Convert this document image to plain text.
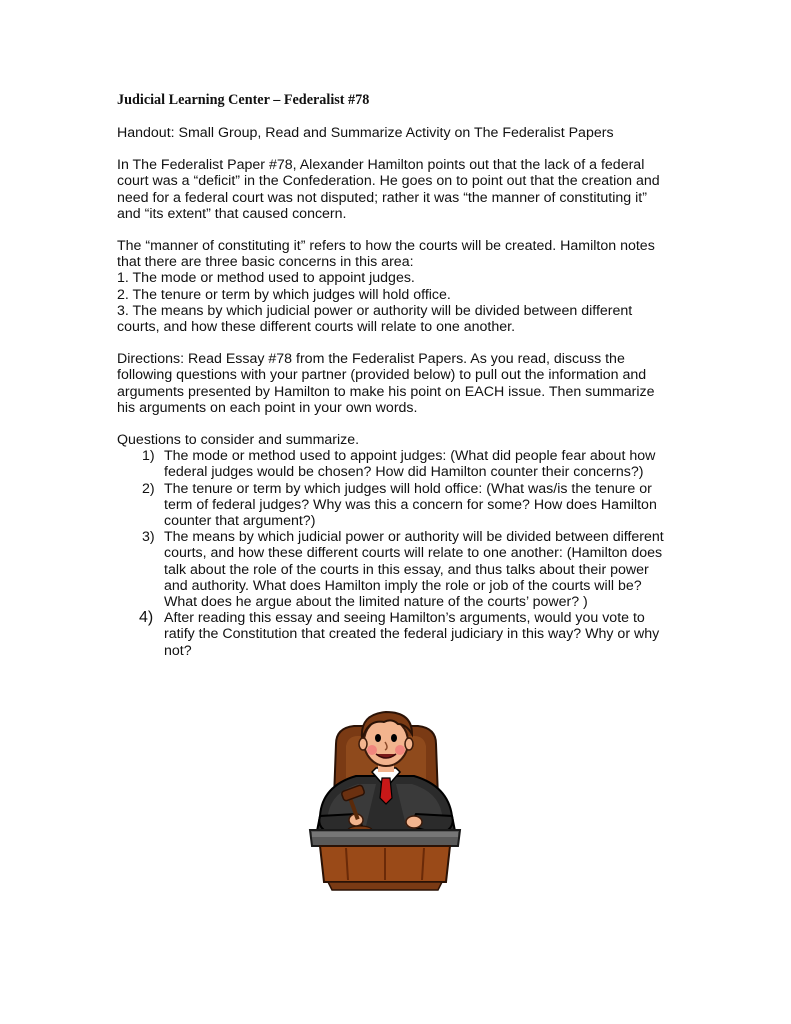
Judicial Learning Center – Federalist #78

Handout: Small Group, Read and Summarize Activity on The Federalist Papers

In The Federalist Paper #78, Alexander Hamilton points out that the lack of a federal
court was a “deficit” in the Confederation. He goes on to point out that the creation and
need for a federal court was not disputed; rather it was “the manner of constituting it”
and “its extent” that caused concern.

The “manner of constituting it” refers to how the courts will be created. Hamilton notes
that there are three basic concerns in this area:
1. The mode or method used to appoint judges.
2. The tenure or term by which judges will hold office.
3. The means by which judicial power or authority will be divided between different
courts, and how these different courts will relate to one another.

Directions: Read Essay #78 from the Federalist Papers. As you read, discuss the
following questions with your partner (provided below) to pull out the information and
arguments presented by Hamilton to make his point on EACH issue. Then summarize
his arguments on each point in your own words.

Questions to consider and summarize.
1) The mode or method used to appoint judges: (What did people fear about how
federal judges would be chosen? How did Hamilton counter their concerns?)
2) The tenure or term by which judges will hold office: (What was/is the tenure or
term of federal judges? Why was this a concern for some? How does Hamilton
counter that argument?)
3) The means by which judicial power or authority will be divided between different
courts, and how these different courts will relate to one another: (Hamilton does
talk about the role of the courts in this essay, and thus talks about their power
and authority. What does Hamilton imply the role or job of the courts will be?
What does he argue about the limited nature of the courts’ power? )
4) After reading this essay and seeing Hamilton’s arguments, would you vote to
ratify the Constitution that created the federal judiciary in this way? Why or why
not?
